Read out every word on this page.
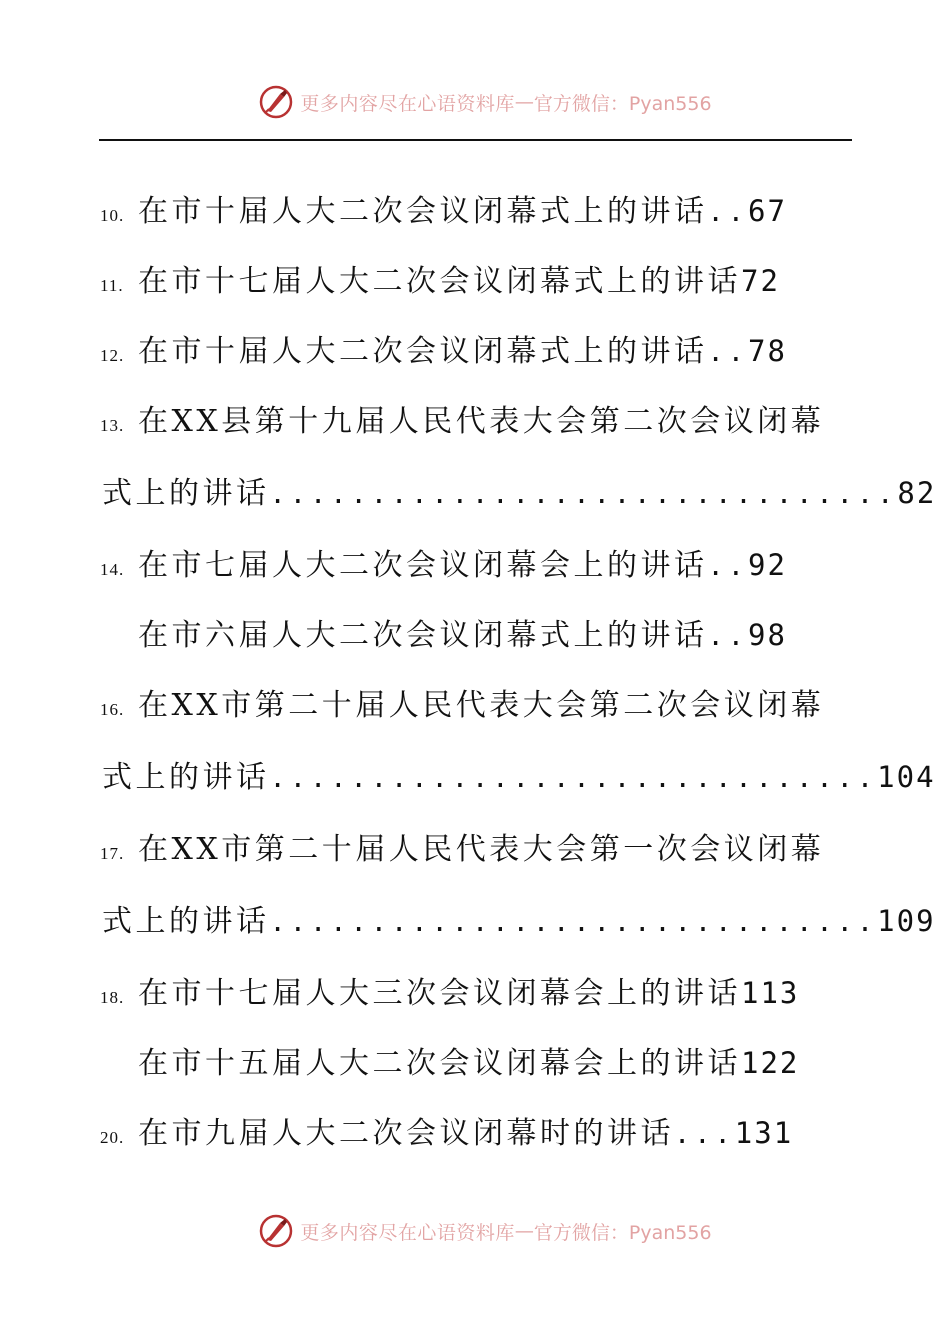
更多内容尽在心语资料库 — 官方微信：Pyan556
10. 在市十届人大二次会议闭幕式上的讲话 .. 67
11. 在市十七届人大二次会议闭幕式上的讲话 72
12. 在市十届人大二次会议闭幕式上的讲话 .. 78
13. 在XX县第十九届人民代表大会第二次会议闭幕
式上的讲话 ............................... 82
14. 在市七届人大二次会议闭幕会上的讲话 .. 92
在市六届人大二次会议闭幕式上的讲话 .. 98
16. 在XX市第二十届人民代表大会第二次会议闭幕
式上的讲话 .............................. 104
17. 在XX市第二十届人民代表大会第一次会议闭幕
式上的讲话 .............................. 109
18. 在市十七届人大三次会议闭幕会上的讲话 113
在市十五届人大二次会议闭幕会上的讲话 122
20. 在市九届人大二次会议闭幕时的讲话 ... 131
更多内容尽在心语资料库 — 官方微信：Pyan556
